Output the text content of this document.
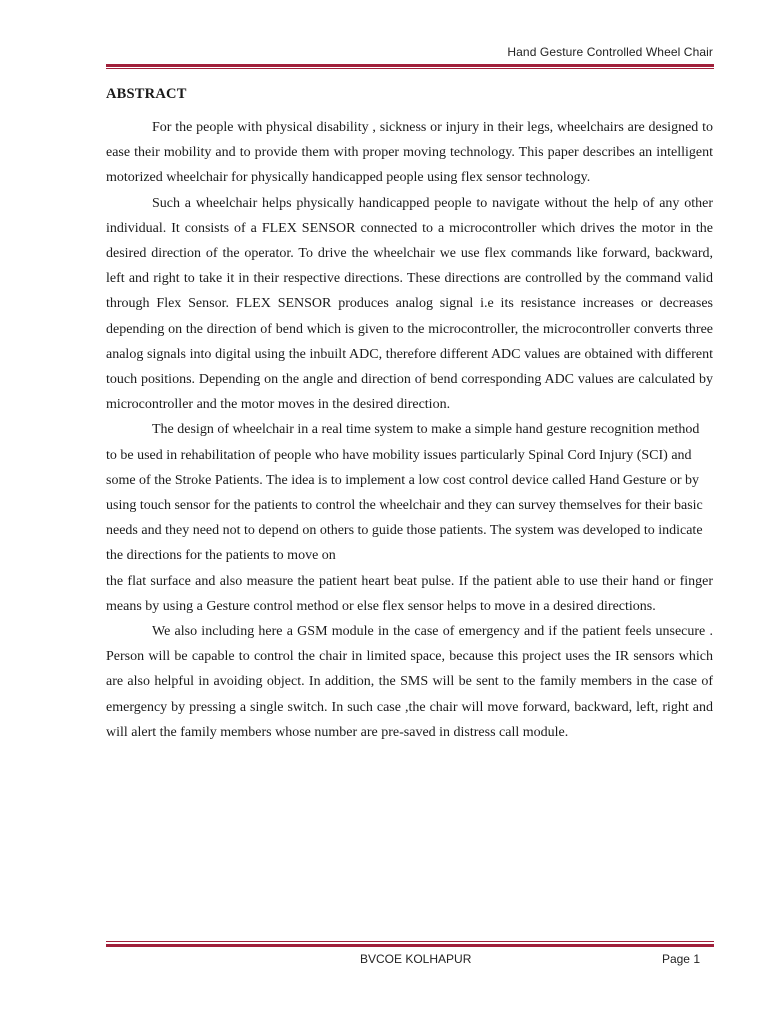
Hand Gesture Controlled Wheel Chair
ABSTRACT

For the people with physical disability , sickness or injury in their legs, wheelchairs are designed to ease their mobility and to provide them with proper moving technology. This paper describes an intelligent motorized wheelchair for physically handicapped people using flex sensor technology.

Such a wheelchair helps physically handicapped people to navigate without the help of any other individual. It consists of a FLEX SENSOR connected to a microcontroller which drives the motor in the desired direction of the operator. To drive the wheelchair we use flex commands like forward, backward, left and right to take it in their respective directions. These directions are controlled by the command valid through Flex Sensor. FLEX SENSOR produces analog signal i.e its resistance increases or decreases depending on the direction of bend which is given to the microcontroller, the microcontroller converts three analog signals into digital using the inbuilt ADC, therefore different ADC values are obtained with different touch positions. Depending on the angle and direction of bend corresponding ADC values are calculated by microcontroller and the motor moves in the desired direction.

The design of wheelchair in a real time system to make a simple hand gesture recognition method to be used in rehabilitation of people who have mobility issues particularly Spinal Cord Injury (SCI) and some of the Stroke Patients. The idea is to implement a low cost control device called Hand Gesture or by using touch sensor for the patients to control the wheelchair and they can survey themselves for their basic needs and they need not to depend on others to guide those patients. The system was developed to indicate the directions for the patients to move on

the flat surface and also measure the patient heart beat pulse. If the patient able to use their hand or finger means by using a Gesture control method or else flex sensor helps to move in a desired directions.

We also including here a GSM module in the case of emergency and if the patient feels unsecure . Person will be capable to control the chair in limited space, because this project uses the IR sensors which are also helpful in avoiding object. In addition, the SMS will be sent to the family members in the case of emergency by pressing a single switch. In such case ,the chair will move forward, backward, left, right and will alert the family members whose number are pre-saved in distress call module.

BVCOE KOLHAPUR	Page 1
